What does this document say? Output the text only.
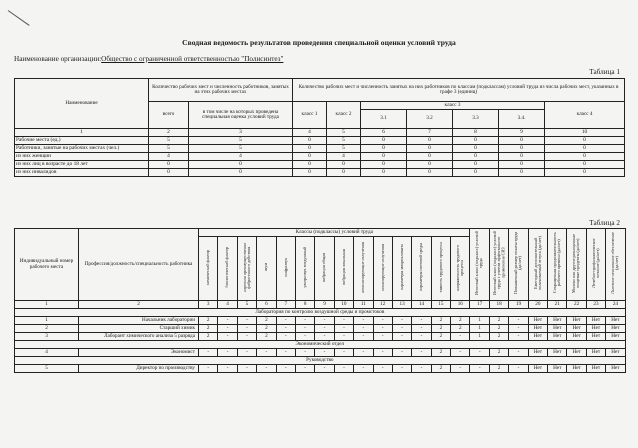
Сводная ведомость результатов проведения специальной оценки условий труда
Наименование организации:Общество с ограниченной ответственностью "Полисинтез"
Таблица 1
Наименование	Количество рабочих мест и численность работников, занятых на этих рабочих местах		Количество рабочих мест и численность занятых на них работников по классам (подклассам) условий труда из числа рабочих мест, указанных в графе 3 (единиц)						
	всего	в том числе на которых проведена специальная оценка условий труда	класс 1	класс 2	класс 3				класс 4
					3.1	3.2	3.3	3.4.	
1	2	3	4	5	6	7	8	9	10
Рабочие места (ед.)	5	5	0	5	0	0	0	0	0
Работники, занятые на рабочих местах (чел.)	5	5	0	5	0	0	0	0	0
из них женщин	4	4	0	4	0	0	0	0	0
из них лиц в возрасте до 18 лет	0	0	0	0	0	0	0	0	0
из них инвалидов	0	0	0	0	0	0	0	0	0
Таблица 2
Индивидуальный номер рабочего места	Профессия/должность/специальность работника	Классы (подклассы) условий труда														Итоговый класс (подкласс) условий труда	Итоговый класс (подкласс) условий труда с учетом эффективного применения СИЗ	Повышенный размер оплаты труда (да/нет)	Ежегодный дополнительный оплачиваемый отпуск (да/нет)	Сокращенная продолжительность рабочего времени (да/нет)	Молоко или другие равноценные пищевые продукты (да/нет)	Лечебно-профилактическое питание (да/нет)	Льготное пенсионное обеспечение (да/нет)	
		химический фактор	биологический фактор	аэрозоли преимущественно фиброгенного действия	шум	инфразвук	ультразвук воздушный	вибрация общая	вибрация локальная	неионизирующие излучения	ионизирующие излучения	параметры микроклимата	параметры световой среды	тяжесть трудового процесса	напряженность трудового процесса									
1	2	3	4	5	6	7	8	9	10	11	12	13	14	15	16	17	18	19	20	21	22	23	24	
Лаборатория по контролю воздушной среды и промстоков																								
1	Начальник лаборатории	2	-	-	2	-	-	-	-	-	-	-	-	2	2	1	2	-	Нет	Нет	Нет	Нет	Нет	
2	Старший химик	2	-	-	2	-	-	-	-	-	-	-	-	2	2	1	2	-	Нет	Нет	Нет	Нет	Нет	
3	Лаборант химического анализа 5 разряда	2	-	-	2	-	-	-	-	-	-	-	-	2	-	1	2	-	Нет	Нет	Нет	Нет	Нет	
Экономический отдел																								
4	Экономист	-	-	-	-	-	-	-	-	-	-	-	-	2	-	-	2	-	Нет	Нет	Нет	Нет	Нет	
Руководство																								
5	Директор по производству	-	-	-	-	-	-	-	-	-	-	-	-	2	-	-	2	-	Нет	Нет	Нет	Нет	Нет	
